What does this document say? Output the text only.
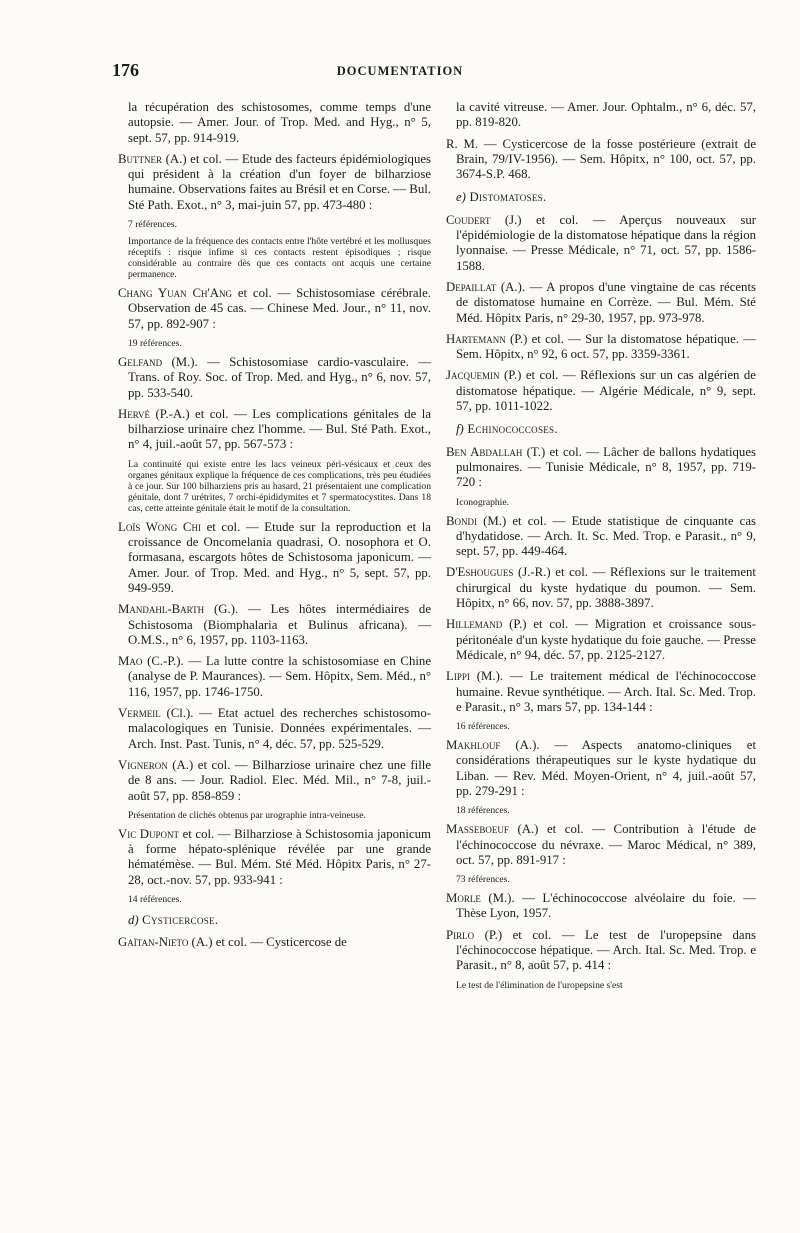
176	DOCUMENTATION
la récupération des schistosomes, comme temps d'une autopsie. — Amer. Jour. of Trop. Med. and Hyg., n° 5, sept. 57, pp. 914-919.
Buttner (A.) et col. — Etude des facteurs épidémiologiques qui président à la création d'un foyer de bilharziose humaine. Observations faites au Brésil et en Corse. — Bul. Sté Path. Exot., n° 3, mai-juin 57, pp. 473-480 :
7 références.
Importance de la fréquence des contacts entre l'hôte vertébré et les mollusques réceptifs : risque infime si ces contacts restent épisodiques ; risque considérable au contraire dès que ces contacts ont acquis une certaine permanence.
Chang Yuan Ch'Ang et col. — Schistosomiase cérébrale. Observation de 45 cas. — Chinese Med. Jour., n° 11, nov. 57, pp. 892-907 :
19 références.
Gelfand (M.). — Schistosomiase cardio-vasculaire. — Trans. of Roy. Soc. of Trop. Med. and Hyg., n° 6, nov. 57, pp. 533-540.
Hervé (P.-A.) et col. — Les complications génitales de la bilharziose urinaire chez l'homme. — Bul. Sté Path. Exot., n° 4, juil.-août 57, pp. 567-573 :
La continuité qui existe entre les lacs veineux péri-vésicaux et ceux des organes génitaux explique la fréquence de ces complications, très peu étudiées à ce jour. Sur 100 bilharziens pris au hasard, 21 présentaient une complication génitale, dont 7 urétrites, 7 orchi-épididymites et 7 spermatocystites. Dans 18 cas, cette atteinte génitale était le motif de la consultation.
Loïs Wong Chi et col. — Etude sur la reproduction et la croissance de Oncomelania quadrasi, O. nosophora et O. formasana, escargots hôtes de Schistosoma japonicum. — Amer. Jour. of Trop. Med. and Hyg., n° 5, sept. 57, pp. 949-959.
Mandahl-Barth (G.). — Les hôtes intermédiaires de Schistosoma (Biomphalaria et Bulinus africana). — O.M.S., n° 6, 1957, pp. 1103-1163.
Mao (C.-P.). — La lutte contre la schistosomiase en Chine (analyse de P. Maurances). — Sem. Hôpitx, Sem. Méd., n° 116, 1957, pp. 1746-1750.
Vermeil (Cl.). — Etat actuel des recherches schistosomo-malacologiques en Tunisie. Données expérimentales. — Arch. Inst. Past. Tunis, n° 4, déc. 57, pp. 525-529.
Vigneron (A.) et col. — Bilharziose urinaire chez une fille de 8 ans. — Jour. Radiol. Elec. Méd. Mil., n° 7-8, juil.-août 57, pp. 858-859 :
Présentation de clichés obtenus par urographie intra-veineuse.
Vic Dupont et col. — Bilharziose à Schistosomia japonicum à forme hépato-splénique révélée par une grande hématémèse. — Bul. Mém. Sté Méd. Hôpitx Paris, n° 27-28, oct.-nov. 57, pp. 933-941 :
14 références.
d) Cysticercose.
Gaïtan-Nieto (A.) et col. — Cysticercose de
la cavité vitreuse. — Amer. Jour. Ophtalm., n° 6, déc. 57, pp. 819-820.
R. M. — Cysticercose de la fosse postérieure (extrait de Brain, 79/IV-1956). — Sem. Hôpitx, n° 100, oct. 57, pp. 3674-S.P. 468.
e) Distomatoses.
Coudert (J.) et col. — Aperçus nouveaux sur l'épidémiologie de la distomatose hépatique dans la région lyonnaise. — Presse Médicale, n° 71, oct. 57, pp. 1586-1588.
Depaillat (A.). — A propos d'une vingtaine de cas récents de distomatose humaine en Corrèze. — Bul. Mém. Sté Méd. Hôpitx Paris, n° 29-30, 1957, pp. 973-978.
Hartemann (P.) et col. — Sur la distomatose hépatique. — Sem. Hôpitx, n° 92, 6 oct. 57, pp. 3359-3361.
Jacquemin (P.) et col. — Réflexions sur un cas algérien de distomatose hépatique. — Algérie Médicale, n° 9, sept. 57, pp. 1011-1022.
f) Echinococcoses.
Ben Abdallah (T.) et col. — Lâcher de ballons hydatiques pulmonaires. — Tunisie Médicale, n° 8, 1957, pp. 719-720 :
Iconographie.
Bondi (M.) et col. — Etude statistique de cinquante cas d'hydatidose. — Arch. It. Sc. Med. Trop. e Parasit., n° 9, sept. 57, pp. 449-464.
D'Eshougues (J.-R.) et col. — Réflexions sur le traitement chirurgical du kyste hydatique du poumon. — Sem. Hôpitx, n° 66, nov. 57, pp. 3888-3897.
Hillemand (P.) et col. — Migration et croissance sous-péritonéale d'un kyste hydatique du foie gauche. — Presse Médicale, n° 94, déc. 57, pp. 2125-2127.
Lippi (M.). — Le traitement médical de l'échinococcose humaine. Revue synthétique. — Arch. Ital. Sc. Med. Trop. e Parasit., n° 3, mars 57, pp. 134-144 :
16 références.
Makhlouf (A.). — Aspects anatomo-cliniques et considérations thérapeutiques sur le kyste hydatique du Liban. — Rev. Méd. Moyen-Orient, n° 4, juil.-août 57, pp. 279-291 :
18 références.
Masseboeuf (A.) et col. — Contribution à l'étude de l'échinococcose du névraxe. — Maroc Médical, n° 389, oct. 57, pp. 891-917 :
73 références.
Morle (M.). — L'échinococcose alvéolaire du foie. — Thèse Lyon, 1957.
Pirlo (P.) et col. — Le test de l'uropepsine dans l'échinococcose hépatique. — Arch. Ital. Sc. Med. Trop. e Parasit., n° 8, août 57, p. 414 :
Le test de l'élimination de l'uropepsine s'est
